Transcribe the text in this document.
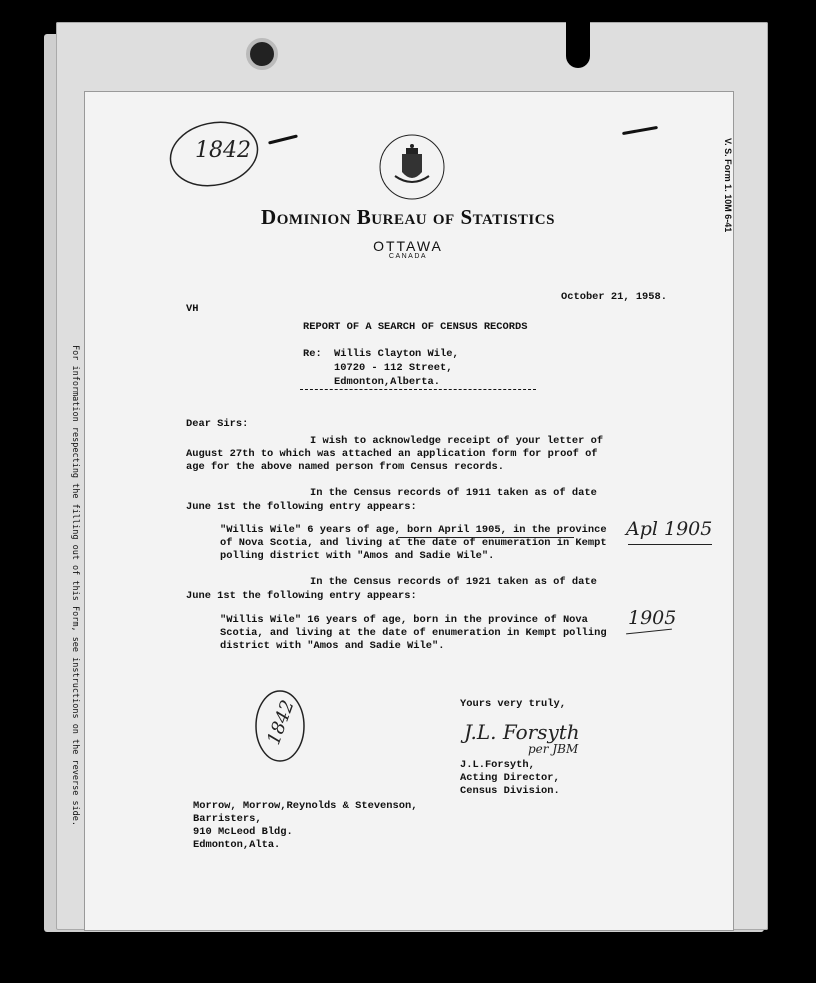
For information respecting the filling out of this Form, see instructions on the reverse side.
V. S. Form 1. 10M 6-41
1842
Dominion Bureau of Statistics
OTTAWA
CANADA
VH
October 21, 1958.
REPORT OF A SEARCH OF CENSUS RECORDS
Re: Willis Clayton Wile,
10720 - 112 Street,
Edmonton,Alberta.
Dear Sirs:
I wish to acknowledge receipt of your letter of
August 27th to which was attached an application form for proof of
age for the above named person from Census records.
In the Census records of 1911 taken as of date
June 1st the following entry appears:
"Willis Wile" 6 years of age, born April 1905, in the province
of Nova Scotia, and living at the date of enumeration in Kempt
polling district with "Amos and Sadie Wile".
Apl 1905
In the Census records of 1921 taken as of date
June 1st the following entry appears:
"Willis Wile" 16 years of age, born in the province of Nova
Scotia, and living at the date of enumeration in Kempt polling
district with "Amos and Sadie Wile".
1905
Yours very truly,
1842	J.L. Forsyth
per JBM
J.L.Forsyth,
Acting Director,
Census Division.
Morrow, Morrow,Reynolds & Stevenson,
Barristers,
910 McLeod Bldg.
Edmonton,Alta.
